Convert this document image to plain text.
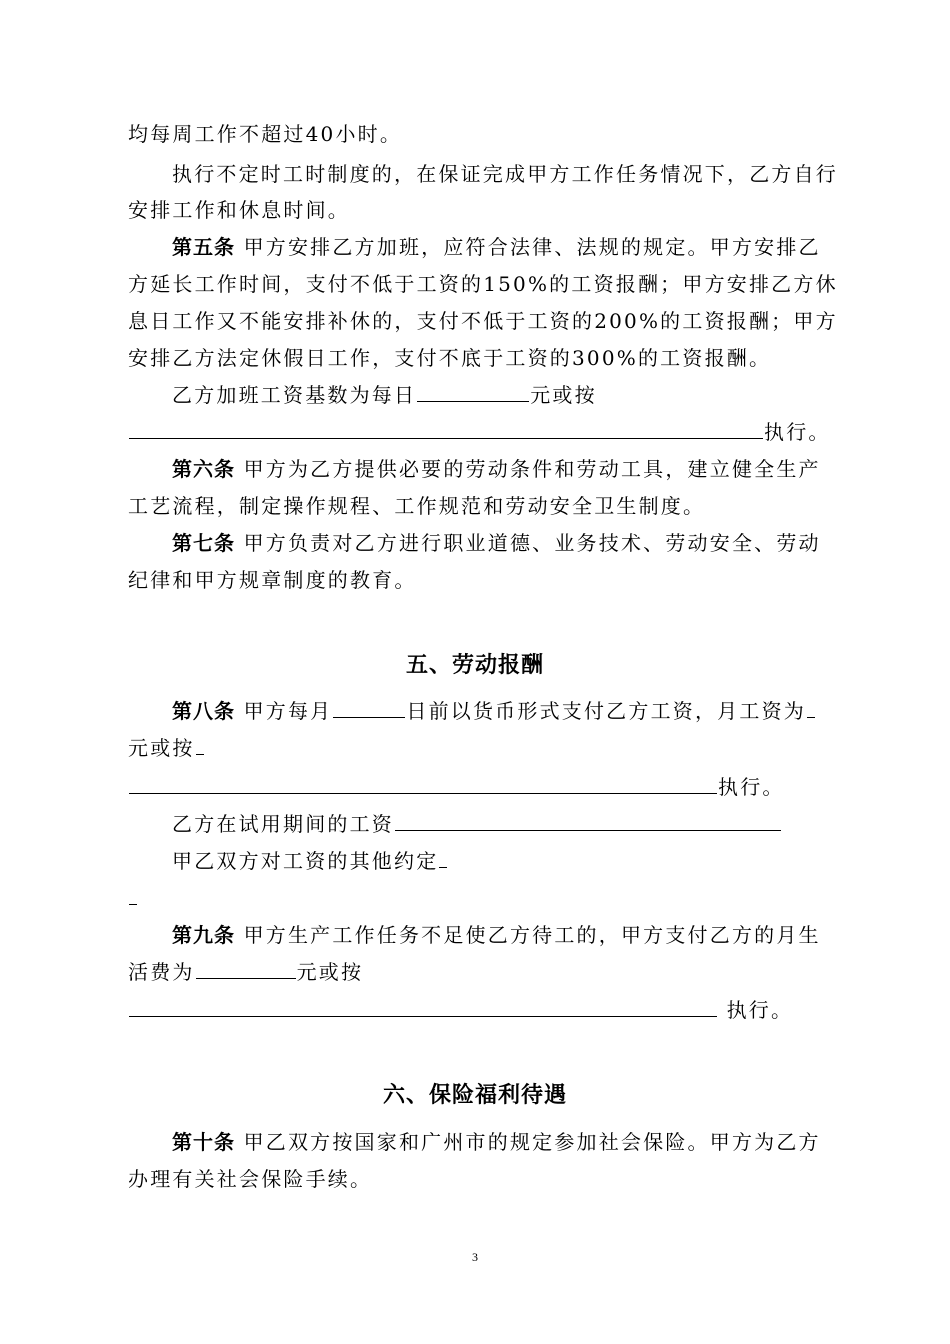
均每周工作不超过40小时。
执行不定时工时制度的，在保证完成甲方工作任务情况下，乙方自行
安排工作和休息时间。
第五条 甲方安排乙方加班，应符合法律、法规的规定。甲方安排乙
方延长工作时间，支付不低于工资的150%的工资报酬；甲方安排乙方休
息日工作又不能安排补休的，支付不低于工资的200%的工资报酬；甲方
安排乙方法定休假日工作，支付不底于工资的300%的工资报酬。
乙方加班工资基数为每日	元或按
执行。
第六条 甲方为乙方提供必要的劳动条件和劳动工具，建立健全生产
工艺流程，制定操作规程、工作规范和劳动安全卫生制度。
第七条 甲方负责对乙方进行职业道德、业务技术、劳动安全、劳动
纪律和甲方规章制度的教育。
五、劳动报酬
第八条 甲方每月	日前以货币形式支付乙方工资，月工资为
元或按
执行。
乙方在试用期间的工资
甲乙双方对工资的其他约定
第九条 甲方生产工作任务不足使乙方待工的，甲方支付乙方的月生
活费为	元或按
执行。
六、保险福利待遇
第十条 甲乙双方按国家和广州市的规定参加社会保险。甲方为乙方
办理有关社会保险手续。
3
